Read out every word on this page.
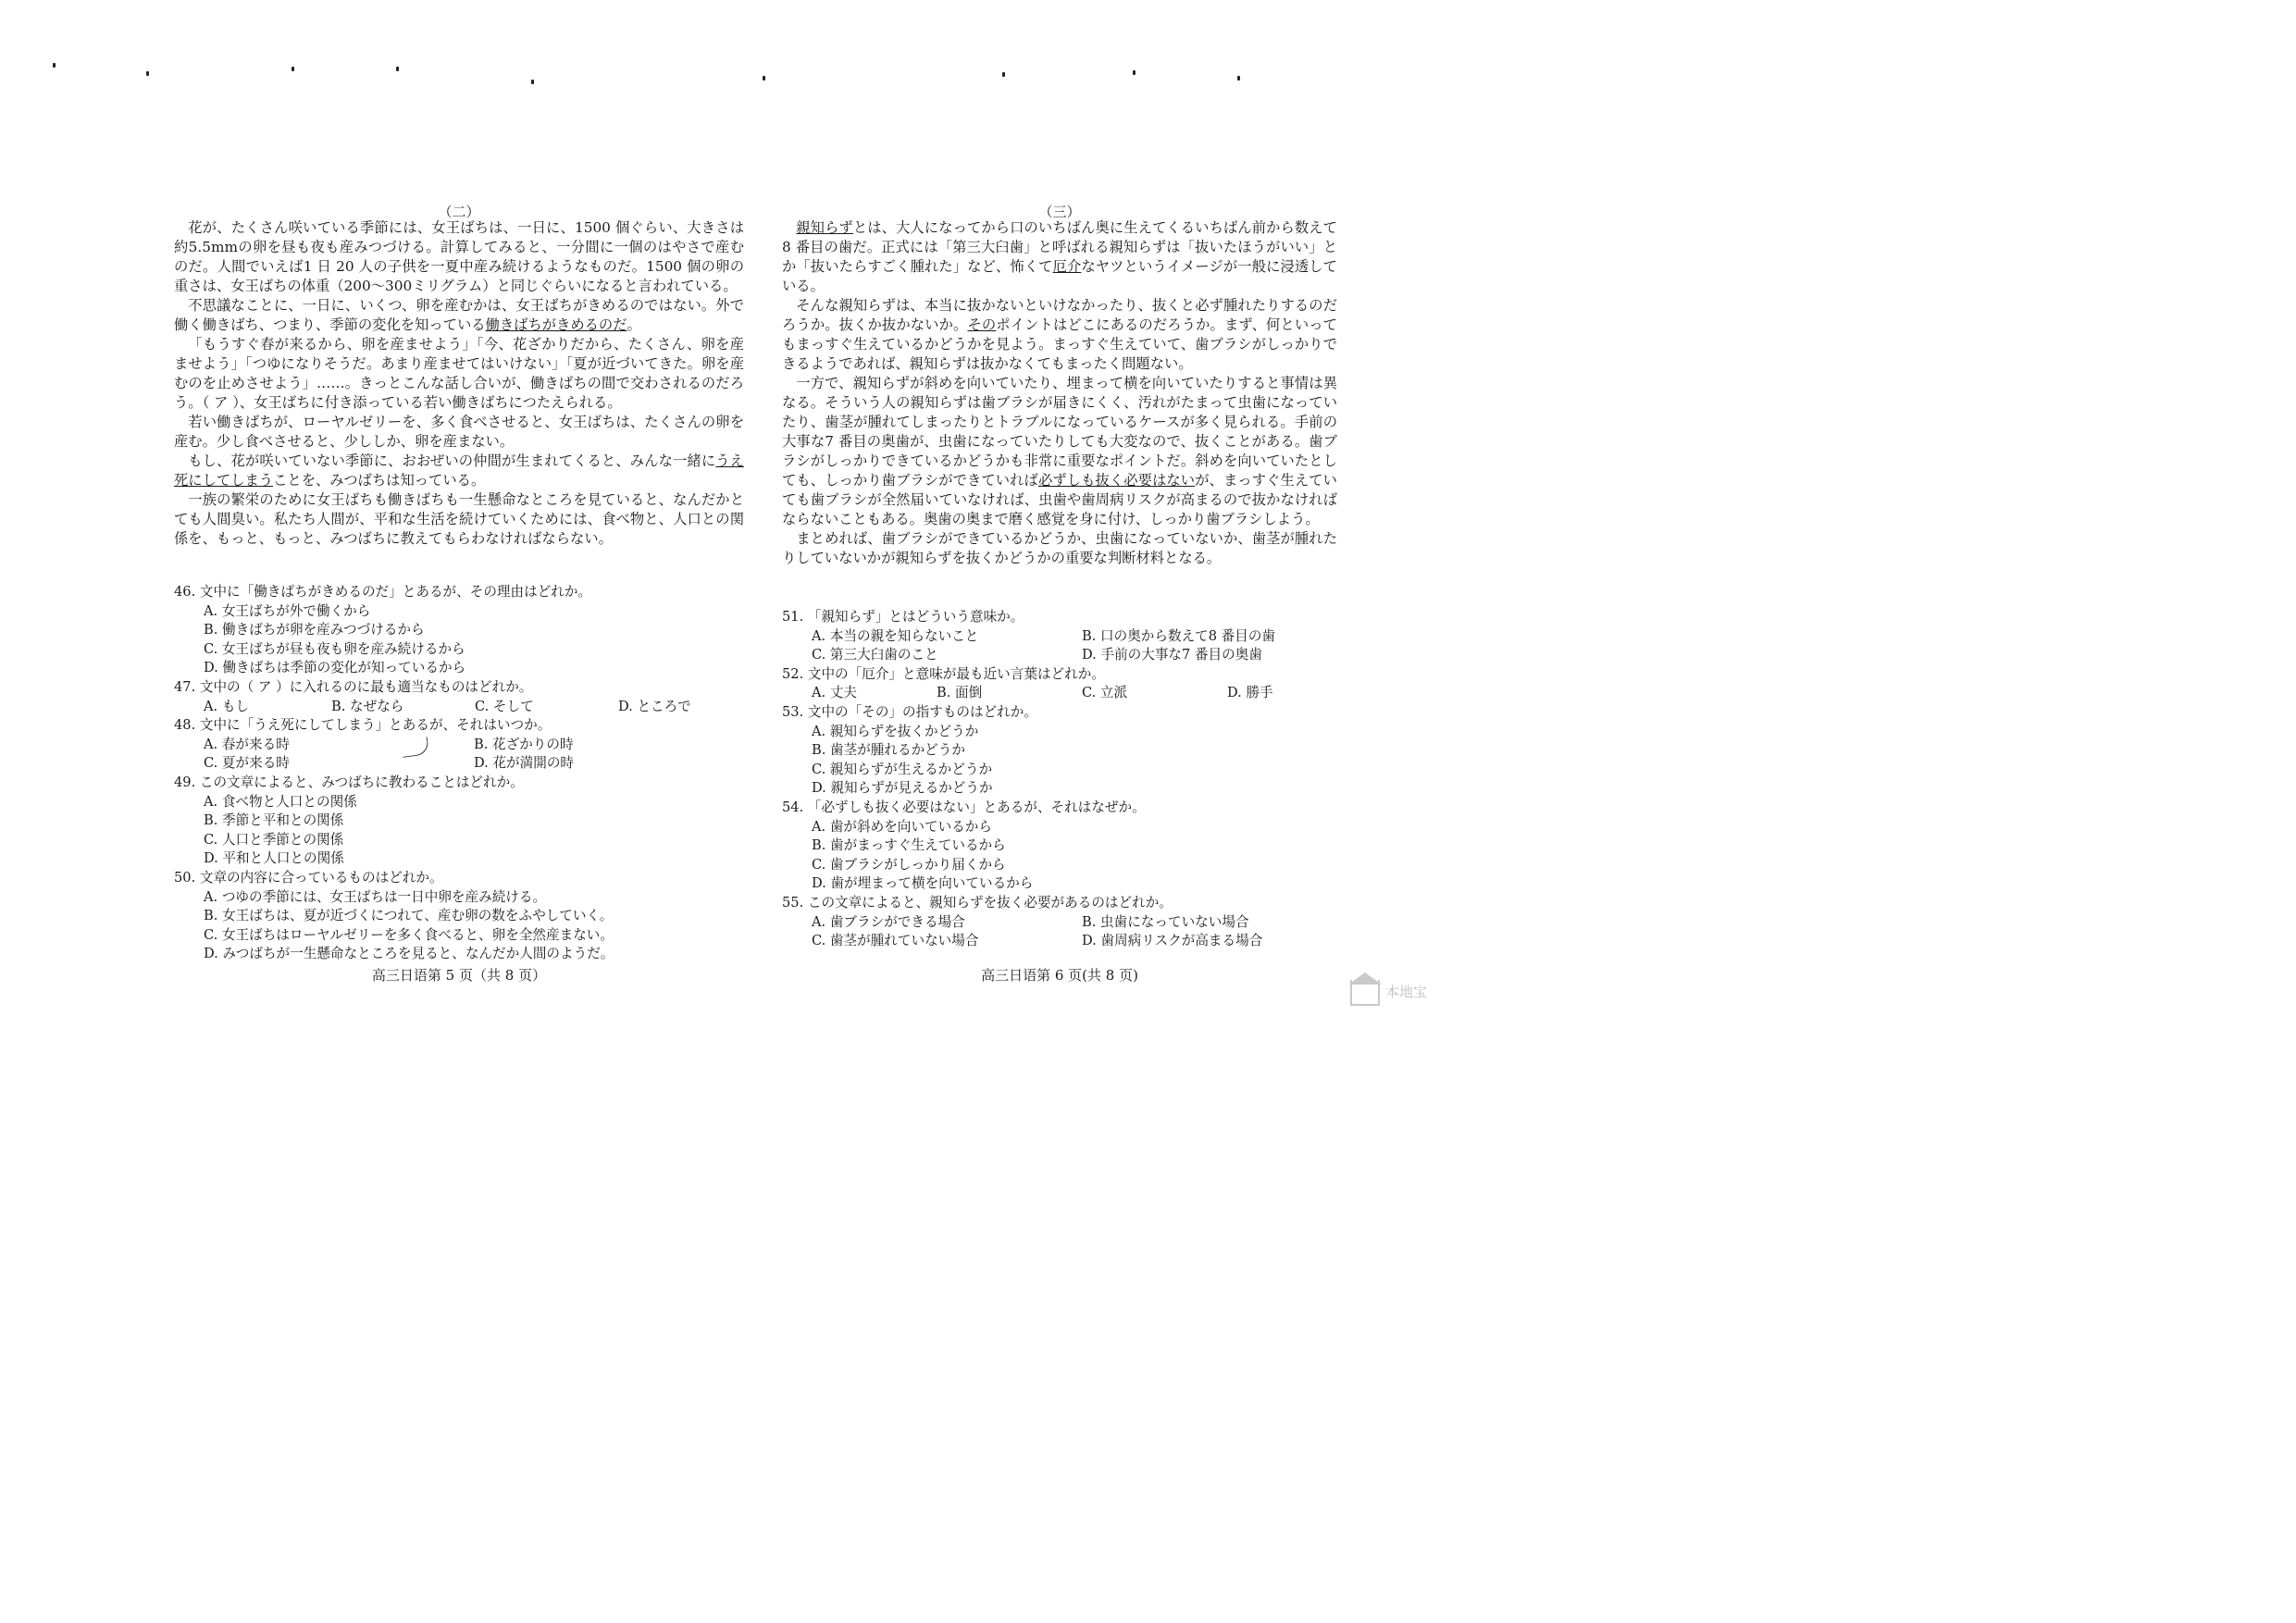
（二）

花が、たくさん咲いている季節には、女王ばちは、一日に、1500 個ぐらい、大きさは約5.5mmの卵を昼も夜も産みつづける。計算してみると、一分間に一個のはやさで産むのだ。人間でいえば1 日 20 人の子供を一夏中産み続けるようなものだ。1500 個の卵の重さは、女王ばちの体重（200～300ミリグラム）と同じぐらいになると言われている。

不思議なことに、一日に、いくつ、卵を産むかは、女王ばちがきめるのではない。外で働く働きばち、つまり、季節の変化を知っている働きばちがきめるのだ。

「もうすぐ春が来るから、卵を産ませよう」「今、花ざかりだから、たくさん、卵を産ませよう」「つゆになりそうだ。あまり産ませてはいけない」「夏が近づいてきた。卵を産むのを止めさせよう」……。きっとこんな話し合いが、働きばちの間で交わされるのだろう。（ ア ）、女王ばちに付き添っている若い働きばちにつたえられる。

若い働きばちが、ローヤルゼリーを、多く食べさせると、女王ばちは、たくさんの卵を産む。少し食べさせると、少ししか、卵を産まない。

もし、花が咲いていない季節に、おおぜいの仲間が生まれてくると、みんな一緒にうえ死にしてしまうことを、みつばちは知っている。

一族の繁栄のために女王ばちも働きばちも一生懸命なところを見ていると、なんだかとても人間臭い。私たち人間が、平和な生活を続けていくためには、食べ物と、人口との関係を、もっと、もっと、みつばちに教えてもらわなければならない。

46. 文中に「働きばちがきめるのだ」とあるが、その理由はどれか。
A. 女王ばちが外で働くから
B. 働きばちが卵を産みつづけるから
C. 女王ばちが昼も夜も卵を産み続けるから
D. 働きばちは季節の変化が知っているから
47. 文中の（ ア ）に入れるのに最も適当なものはどれか。
A. もし	B. なぜなら	C. そして	D. ところで
48. 文中に「うえ死にしてしまう」とあるが、それはいつか。
A. 春が来る時	B. 花ざかりの時
C. 夏が来る時	D. 花が満開の時
49. この文章によると、みつばちに教わることはどれか。
A. 食べ物と人口との関係
B. 季節と平和との関係
C. 人口と季節との関係
D. 平和と人口との関係
50. 文章の内容に合っているものはどれか。
A. つゆの季節には、女王ばちは一日中卵を産み続ける。
B. 女王ばちは、夏が近づくにつれて、産む卵の数をふやしていく。
C. 女王ばちはローヤルゼリーを多く食べると、卵を全然産まない。
D. みつばちが一生懸命なところを見ると、なんだか人間のようだ。
高三日语第 5 页（共 8 页）
（三）

親知らずとは、大人になってから口のいちばん奥に生えてくるいちばん前から数えて8 番目の歯だ。正式には「第三大臼歯」と呼ばれる親知らずは「抜いたほうがいい」とか「抜いたらすごく腫れた」など、怖くて厄介なヤツというイメージが一般に浸透している。

そんな親知らずは、本当に抜かないといけなかったり、抜くと必ず腫れたりするのだろうか。抜くか抜かないか。そのポイントはどこにあるのだろうか。まず、何といってもまっすぐ生えているかどうかを見よう。まっすぐ生えていて、歯ブラシがしっかりできるようであれば、親知らずは抜かなくてもまったく問題ない。

一方で、親知らずが斜めを向いていたり、埋まって横を向いていたりすると事情は異なる。そういう人の親知らずは歯ブラシが届きにくく、汚れがたまって虫歯になっていたり、歯茎が腫れてしまったりとトラブルになっているケースが多く見られる。手前の大事な7 番目の奥歯が、虫歯になっていたりしても大変なので、抜くことがある。歯ブラシがしっかりできているかどうかも非常に重要なポイントだ。斜めを向いていたとしても、しっかり歯ブラシができていれば必ずしも抜く必要はないが、まっすぐ生えていても歯ブラシが全然届いていなければ、虫歯や歯周病リスクが高まるので抜かなければならないこともある。奥歯の奥まで磨く感覚を身に付け、しっかり歯ブラシしよう。

まとめれば、歯ブラシができているかどうか、虫歯になっていないか、歯茎が腫れたりしていないかが親知らずを抜くかどうかの重要な判断材料となる。

51. 「親知らず」とはどういう意味か。
A. 本当の親を知らないこと	B. 口の奥から数えて8 番目の歯
C. 第三大臼歯のこと	D. 手前の大事な7 番目の奥歯
52. 文中の「厄介」と意味が最も近い言葉はどれか。
A. 丈夫	B. 面倒	C. 立派	D. 勝手
53. 文中の「その」の指すものはどれか。
A. 親知らずを抜くかどうか
B. 歯茎が腫れるかどうか
C. 親知らずが生えるかどうか
D. 親知らずが見えるかどうか
54. 「必ずしも抜く必要はない」とあるが、それはなぜか。
A. 歯が斜めを向いているから
B. 歯がまっすぐ生えているから
C. 歯ブラシがしっかり届くから
D. 歯が埋まって横を向いているから
55. この文章によると、親知らずを抜く必要があるのはどれか。
A. 歯ブラシができる場合	B. 虫歯になっていない場合
C. 歯茎が腫れていない場合	D. 歯周病リスクが高まる場合
高三日语第 6 页(共 8 页)
本地宝
